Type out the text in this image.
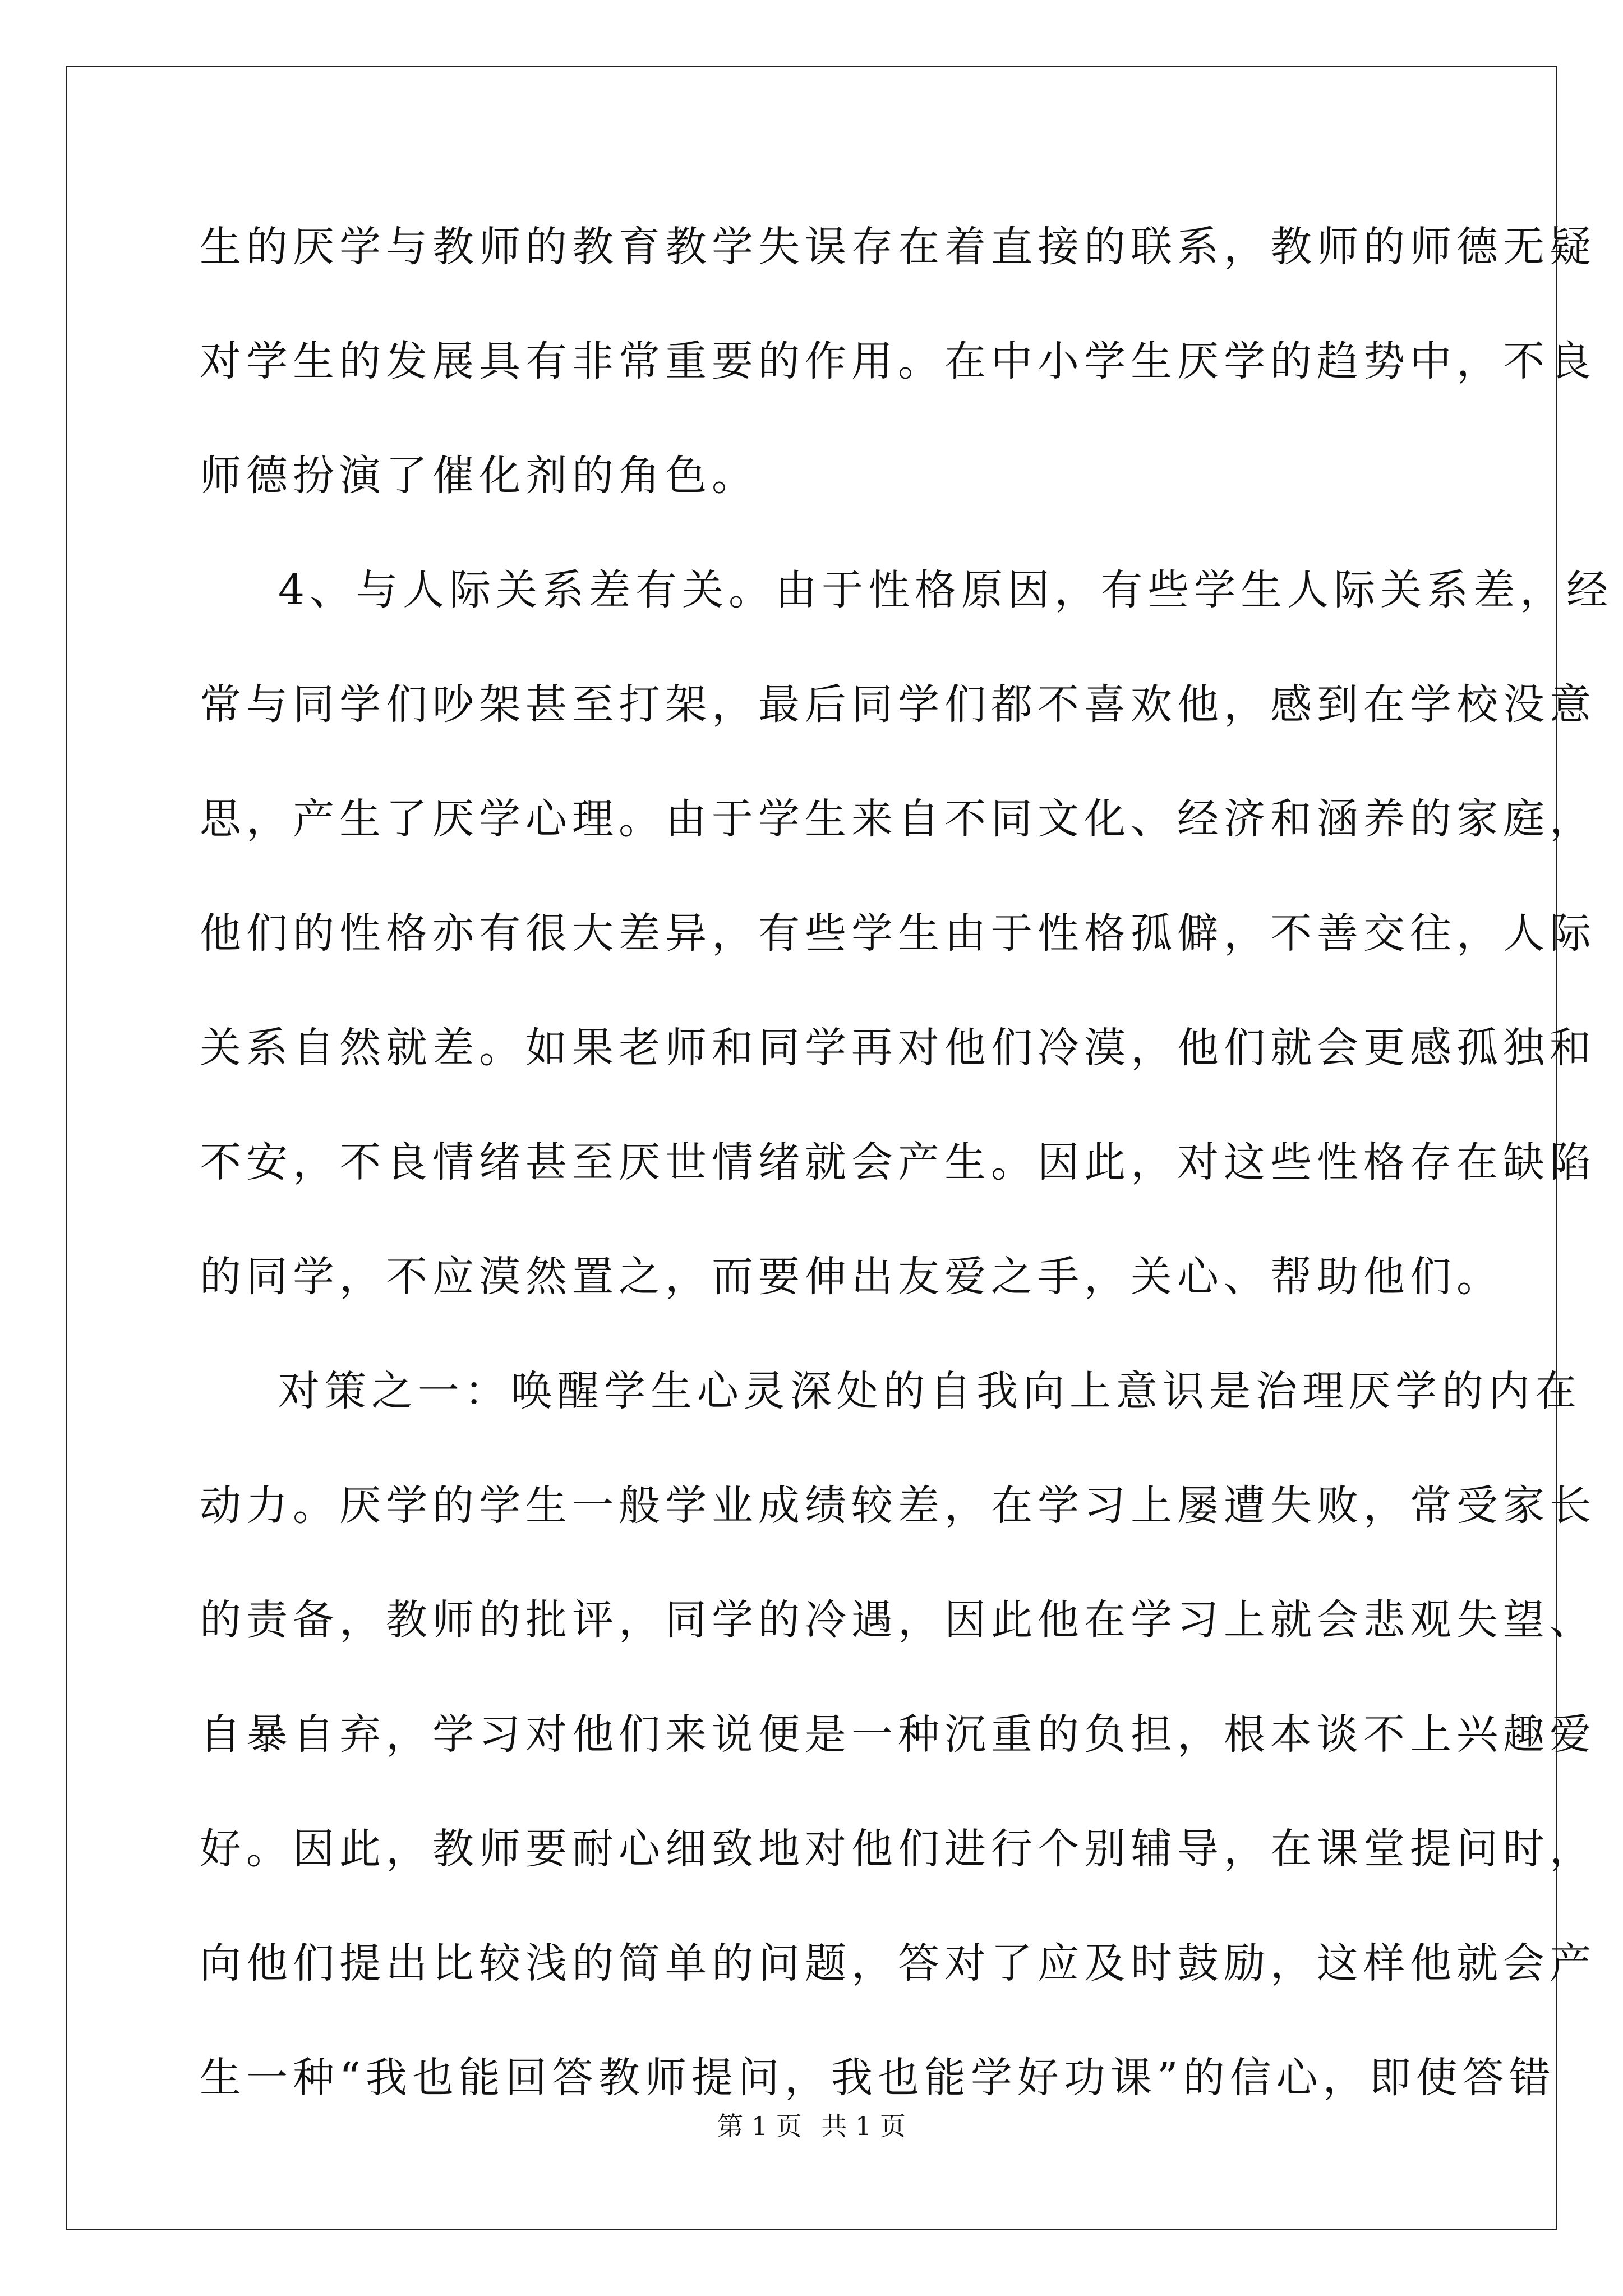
生的厌学与教师的教育教学失误存在着直接的联系，教师的师德无疑
对学生的发展具有非常重要的作用。在中小学生厌学的趋势中，不良
师德扮演了催化剂的角色。
4、与人际关系差有关。由于性格原因，有些学生人际关系差，经
常与同学们吵架甚至打架，最后同学们都不喜欢他，感到在学校没意
思，产生了厌学心理。由于学生来自不同文化、经济和涵养的家庭，
他们的性格亦有很大差异，有些学生由于性格孤僻，不善交往，人际
关系自然就差。如果老师和同学再对他们冷漠，他们就会更感孤独和
不安，不良情绪甚至厌世情绪就会产生。因此，对这些性格存在缺陷
的同学，不应漠然置之，而要伸出友爱之手，关心、帮助他们。
对策之一：唤醒学生心灵深处的自我向上意识是治理厌学的内在
动力。厌学的学生一般学业成绩较差，在学习上屡遭失败，常受家长
的责备，教师的批评，同学的冷遇，因此他在学习上就会悲观失望、
自暴自弃，学习对他们来说便是一种沉重的负担，根本谈不上兴趣爱
好。因此，教师要耐心细致地对他们进行个别辅导，在课堂提问时，
向他们提出比较浅的简单的问题，答对了应及时鼓励，这样他就会产
生一种“我也能回答教师提问，我也能学好功课”的信心，即使答错
第 1 页 共 1 页
